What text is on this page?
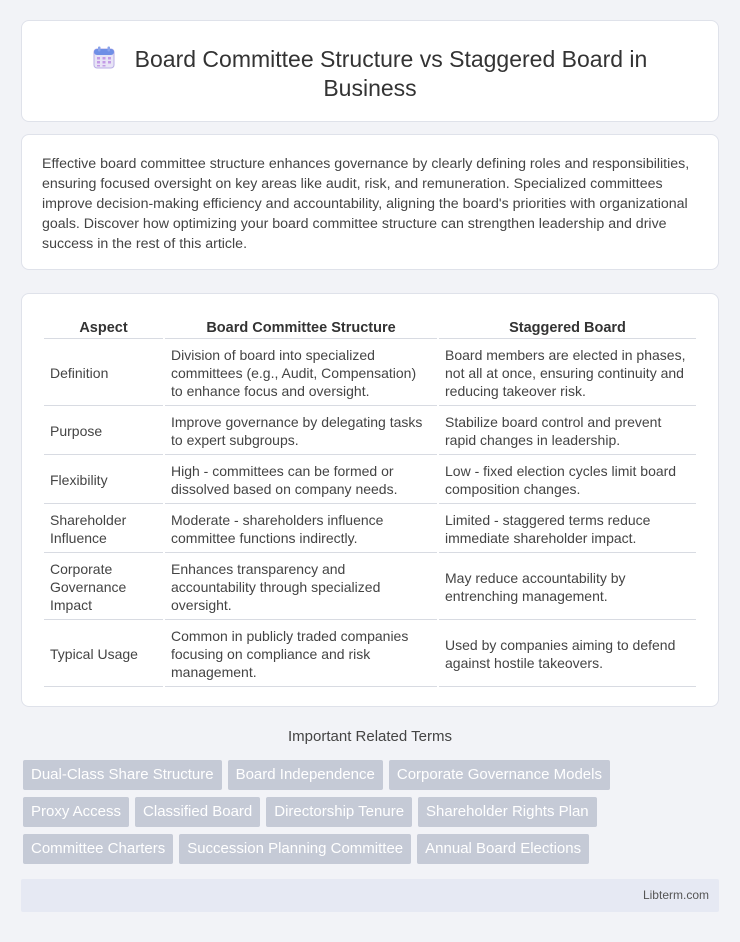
Board Committee Structure vs Staggered Board in Business

Effective board committee structure enhances governance by clearly defining roles and responsibilities, ensuring focused oversight on key areas like audit, risk, and remuneration. Specialized committees improve decision-making efficiency and accountability, aligning the board's priorities with organizational goals. Discover how optimizing your board committee structure can strengthen leadership and drive success in the rest of this article.

Aspect	Board Committee Structure	Staggered Board
Definition	Division of board into specialized committees (e.g., Audit, Compensation) to enhance focus and oversight.	Board members are elected in phases, not all at once, ensuring continuity and reducing takeover risk.
Purpose	Improve governance by delegating tasks to expert subgroups.	Stabilize board control and prevent rapid changes in leadership.
Flexibility	High - committees can be formed or dissolved based on company needs.	Low - fixed election cycles limit board composition changes.
Shareholder Influence	Moderate - shareholders influence committee functions indirectly.	Limited - staggered terms reduce immediate shareholder impact.
Corporate Governance Impact	Enhances transparency and accountability through specialized oversight.	May reduce accountability by entrenching management.
Typical Usage	Common in publicly traded companies focusing on compliance and risk management.	Used by companies aiming to defend against hostile takeovers.
Important Related Terms
Dual-Class Share Structure	Board Independence	Corporate Governance Models
Proxy Access	Classified Board	Directorship Tenure	Shareholder Rights Plan
Committee Charters	Succession Planning Committee	Annual Board Elections
Libterm.com
